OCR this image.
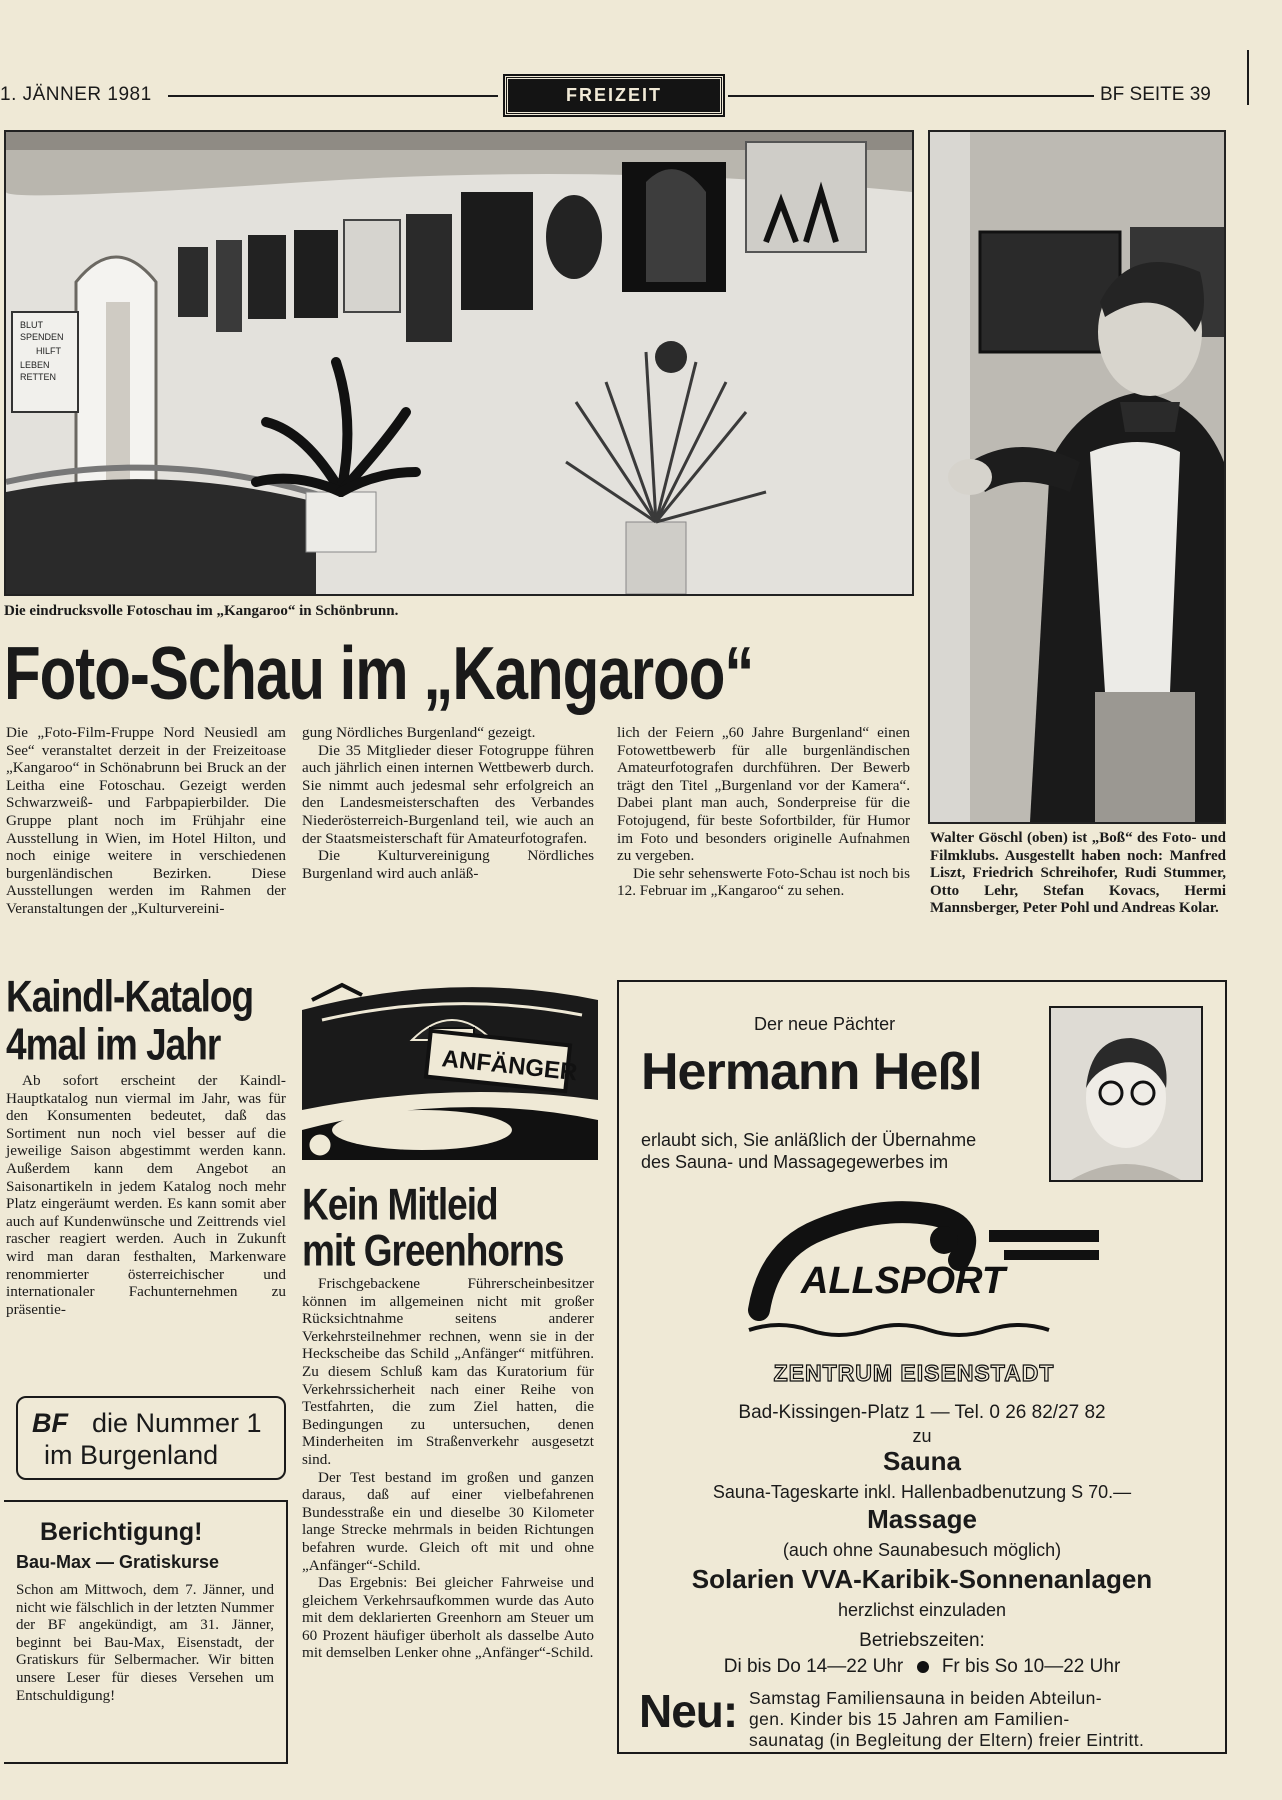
1. JÄNNER 1981	FREIZEIT	BF SEITE 39
BLUT
SPENDEN
HILFT
LEBEN
RETTEN
Die eindrucksvolle Fotoschau im „Kangaroo“ in Schönbrunn.
Foto-Schau im „Kangaroo“

Die „Foto-Film-Fruppe Nord Neusiedl am See“ veranstaltet derzeit in der Freizeitoase „Kangaroo“ in Schönabrunn bei Bruck an der Leitha eine Fotoschau. Gezeigt werden Schwarzweiß- und Farbpapierbilder. Die Gruppe plant noch im Frühjahr eine Ausstellung in Wien, im Hotel Hilton, und noch einige weitere in verschiedenen burgenländischen Bezirken. Diese Ausstellungen werden im Rahmen der Veranstaltungen der „Kulturvereini-

gung Nördliches Burgenland“ gezeigt.

Die 35 Mitglieder dieser Fotogruppe führen auch jährlich einen internen Wettbewerb durch. Sie nimmt auch jedesmal sehr erfolgreich an den Landesmeisterschaften des Verbandes Niederösterreich-Burgenland teil, wie auch an der Staatsmeisterschaft für Amateurfotografen.

Die Kulturvereinigung Nördliches Burgenland wird auch anläß-

lich der Feiern „60 Jahre Burgenland“ einen Fotowettbewerb für alle burgenländischen Amateurfotografen durchführen. Der Bewerb trägt den Titel „Burgenland vor der Kamera“. Dabei plant man auch, Sonderpreise für die Fotojugend, für beste Sofortbilder, für Humor im Foto und besonders originelle Aufnahmen zu vergeben.

Die sehr sehenswerte Foto-Schau ist noch bis 12. Februar im „Kangaroo“ zu sehen.

Walter Göschl (oben) ist „Boß“ des Foto- und Filmklubs. Ausgestellt haben noch: Manfred Liszt, Friedrich Schreihofer, Rudi Stummer, Otto Lehr, Stefan Kovacs, Hermi Mannsberger, Peter Pohl und Andreas Kolar.
Kaindl-Katalog
4mal im Jahr

Ab sofort erscheint der Kaindl-Hauptkatalog nun viermal im Jahr, was für den Konsumenten bedeutet, daß das Sortiment nun noch viel besser auf die jeweilige Saison abgestimmt werden kann. Außerdem kann dem Angebot an Saisonartikeln in jedem Katalog noch mehr Platz eingeräumt werden. Es kann somit aber auch auf Kundenwünsche und Zeittrends viel rascher reagiert werden. Auch in Zukunft wird man daran festhalten, Markenware renommierter österreichischer und internationaler Fachunternehmen zu präsentie-

BF die Nummer 1
im Burgenland
Berichtigung!
Bau-Max — Gratiskurse

Schon am Mittwoch, dem 7. Jänner, und nicht wie fälschlich in der letzten Nummer der BF angekündigt, am 31. Jänner, beginnt bei Bau-Max, Eisenstadt, der Gratiskurs für Selbermacher. Wir bitten unsere Leser für dieses Versehen um Entschuldigung!

ANFÄNGER
Kein Mitleid
mit Greenhorns

Frischgebackene Führerscheinbesitzer können im allgemeinen nicht mit großer Rücksichtnahme seitens anderer Verkehrsteilnehmer rechnen, wenn sie in der Heckscheibe das Schild „Anfänger“ mitführen. Zu diesem Schluß kam das Kuratorium für Verkehrssicherheit nach einer Reihe von Testfahrten, die zum Ziel hatten, die Bedingungen zu untersuchen, denen Minderheiten im Straßenverkehr ausgesetzt sind.

Der Test bestand im großen und ganzen daraus, daß auf einer vielbefahrenen Bundesstraße ein und dieselbe 30 Kilometer lange Strecke mehrmals in beiden Richtungen befahren wurde. Gleich oft mit und ohne „Anfänger“-Schild.

Das Ergebnis: Bei gleicher Fahrweise und gleichem Verkehrsaufkommen wurde das Auto mit dem deklarierten Greenhorn am Steuer um 60 Prozent häufiger überholt als dasselbe Auto mit demselben Lenker ohne „Anfänger“-Schild.

Der neue Pächter
Hermann Heßl
erlaubt sich, Sie anläßlich der Übernahme
des Sauna- und Massagegewerbes im
ALLSPORT
ZENTRUM EISENSTADT
Bad-Kissingen-Platz 1 — Tel. 0 26 82/27 82
zu
Sauna
Sauna-Tageskarte inkl. Hallenbadbenutzung S 70.—
Massage
(auch ohne Saunabesuch möglich)
Solarien VVA-Karibik-Sonnenanlagen
herzlichst einzuladen
Betriebszeiten:
Di bis Do 14—22 Uhr Fr bis So 10—22 Uhr
Neu: Samstag Familiensauna in beiden Abteilun-
gen. Kinder bis 15 Jahren am Familien-
saunatag (in Begleitung der Eltern) freier Eintritt.
